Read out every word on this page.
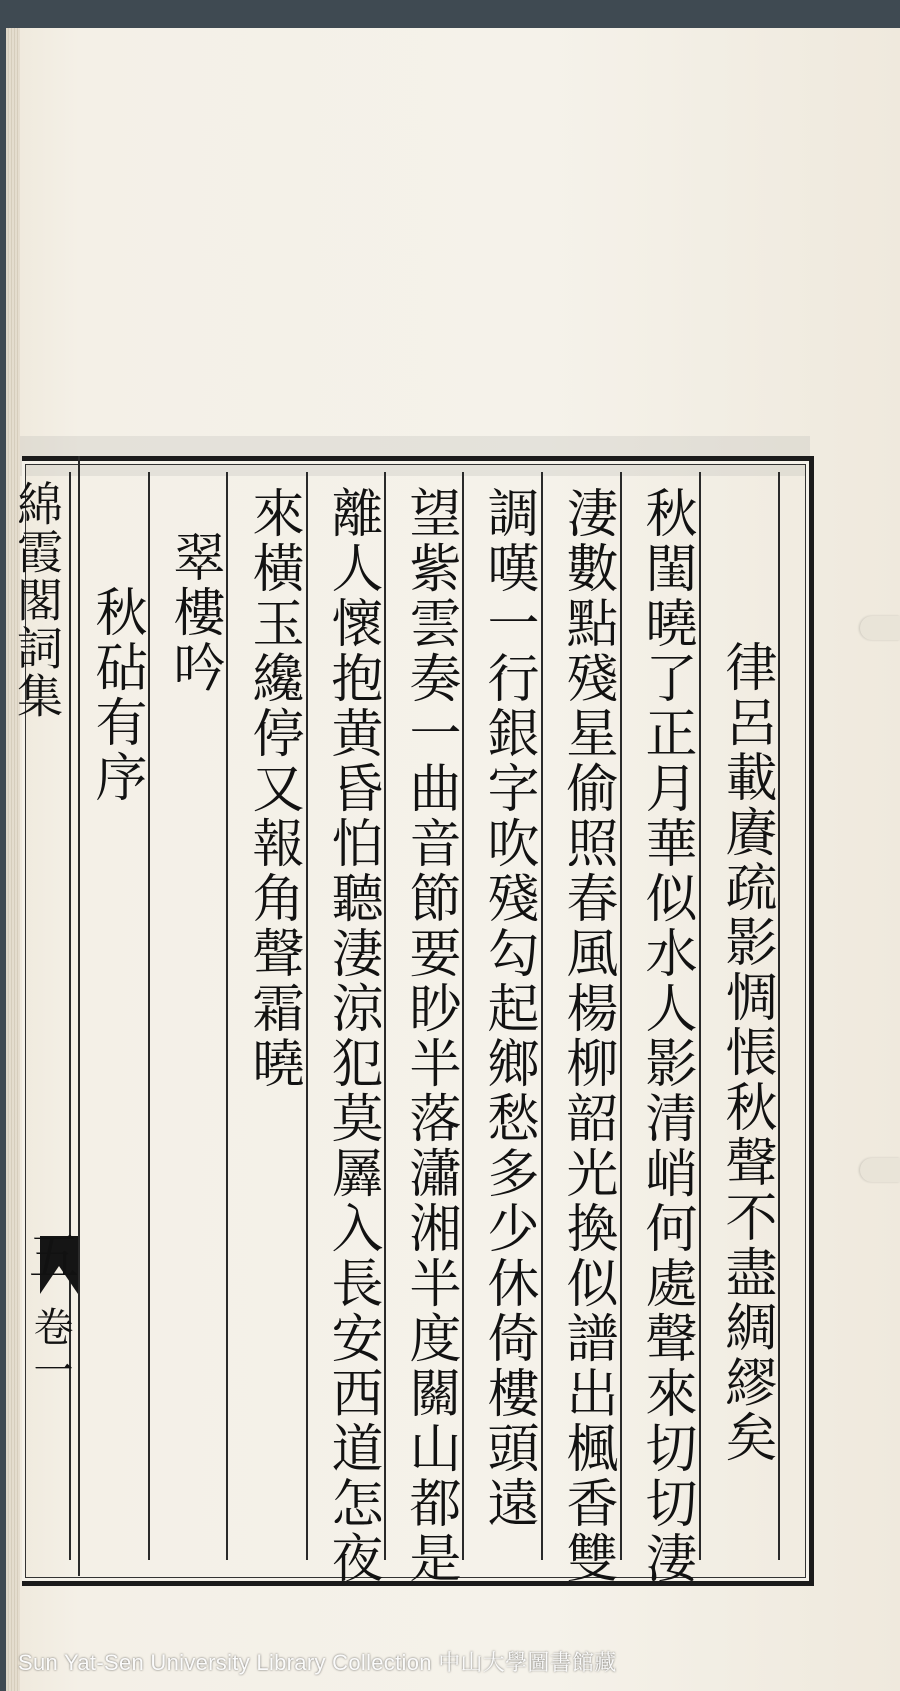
綿霞閣詞集
卷一
五	律呂載賡疏影惆悵秋聲不盡綢繆矣
秋閨曉了正月華似水人影清峭何處聲來切切淒
淒數點殘星偷照春風楊柳韶光換似譜出楓香雙
調嘆一行銀字吹殘勾起鄉愁多少休倚樓頭遠
望紫雲奏一曲音節要眇半落瀟湘半度關山都是
離人懷抱黄昏怕聽淒涼犯莫羼入長安西道怎夜
來橫玉纔停又報角聲霜曉
翠樓吟
秋砧有序
Sun Yat-Sen University Library Collection 中山大學圖書館藏
